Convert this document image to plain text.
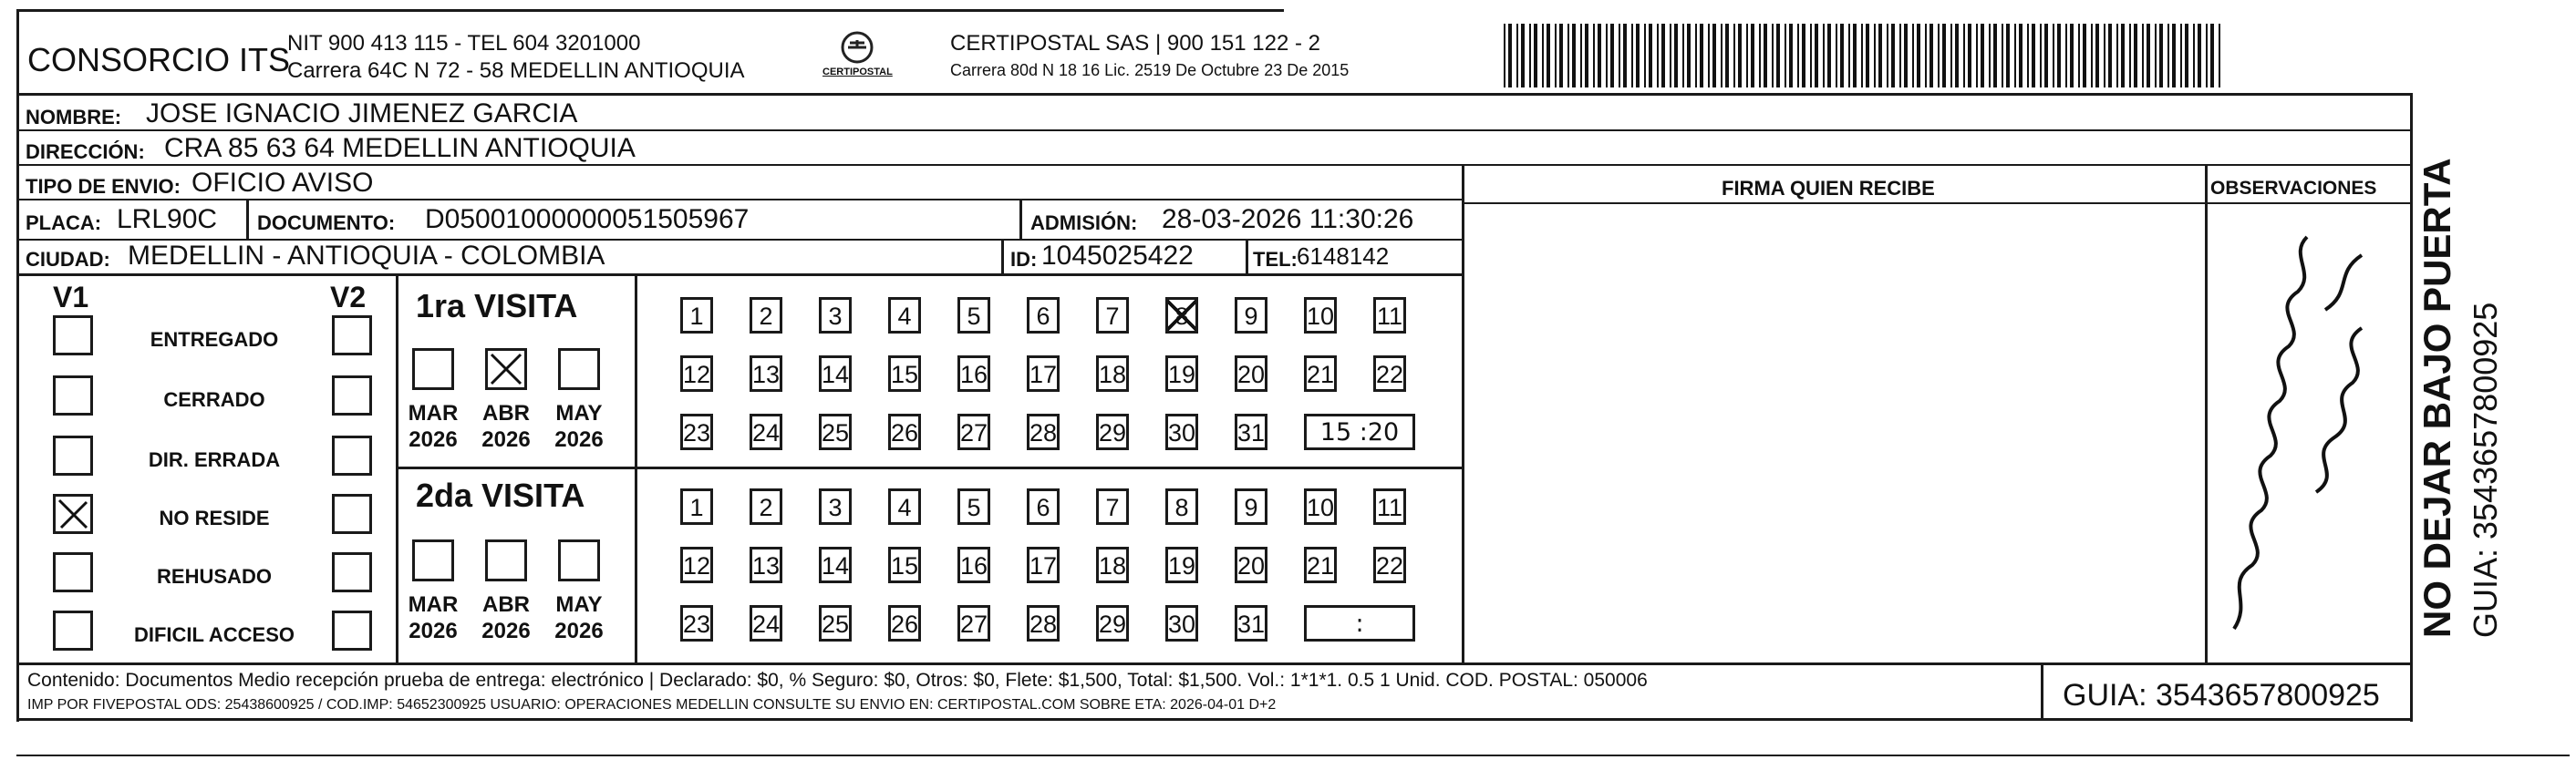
CONSORCIO ITS
NIT 900 413 115 - TEL 604 3201000
Carrera 64C N 72 - 58 MEDELLIN ANTIOQUIA	CERTIPOSTAL
CERTIPOSTAL SAS | 900 151 122 - 2
Carrera 80d N 18 16 Lic. 2519 De Octubre 23 De 2015
NOMBRE: JOSE IGNACIO JIMENEZ GARCIA
DIRECCIÓN: CRA 85 63 64 MEDELLIN ANTIOQUIA
TIPO DE ENVIO: OFICIO AVISO	FIRMA QUIEN RECIBE	OBSERVACIONES
PLACA: LRL90C DOCUMENTO: D05001000000051505967	ADMISIÓN: 28-03-2026 11:30:26
CIUDAD: MEDELLIN - ANTIOQUIA - COLOMBIA	ID: 1045025422	TEL: 6148142
V1	V2
ENTREGADO
CERRADO
DIR. ERRADA
NO RESIDE
REHUSADO
DIFICIL ACCESO
1ra VISITA
2da VISITA
MAR
2026
ABR
2026
MAY
2026
1	2	3	4	5	6	7	8	9	10 11
12 13 14 15 16 17 18 19 20 21 22
23 24 25 26 27 28 29 30 31	15 :20
MAR
2026
ABR
2026
MAY
2026
1	2	3	4	5	6	7	8	9	10 11
12 13 14 15 16 17 18 19 20 21 22
23 24 25 26 27 28 29 30 31	:
Contenido: Documentos Medio recepción prueba de entrega: electrónico | Declarado: $0, % Seguro: $0, Otros: $0, Flete: $1,500, Total: $1,500. Vol.: 1*1*1. 0.5 1 Unid. COD. POSTAL: 050006
IMP POR FIVEPOSTAL ODS: 25438600925 / COD.IMP: 54652300925 USUARIO: OPERACIONES MEDELLIN CONSULTE SU ENVIO EN: CERTIPOSTAL.COM SOBRE ETA: 2026-04-01 D+2	GUIA: 3543657800925
NO DEJAR BAJO PUERTA GUIA: 3543657800925
